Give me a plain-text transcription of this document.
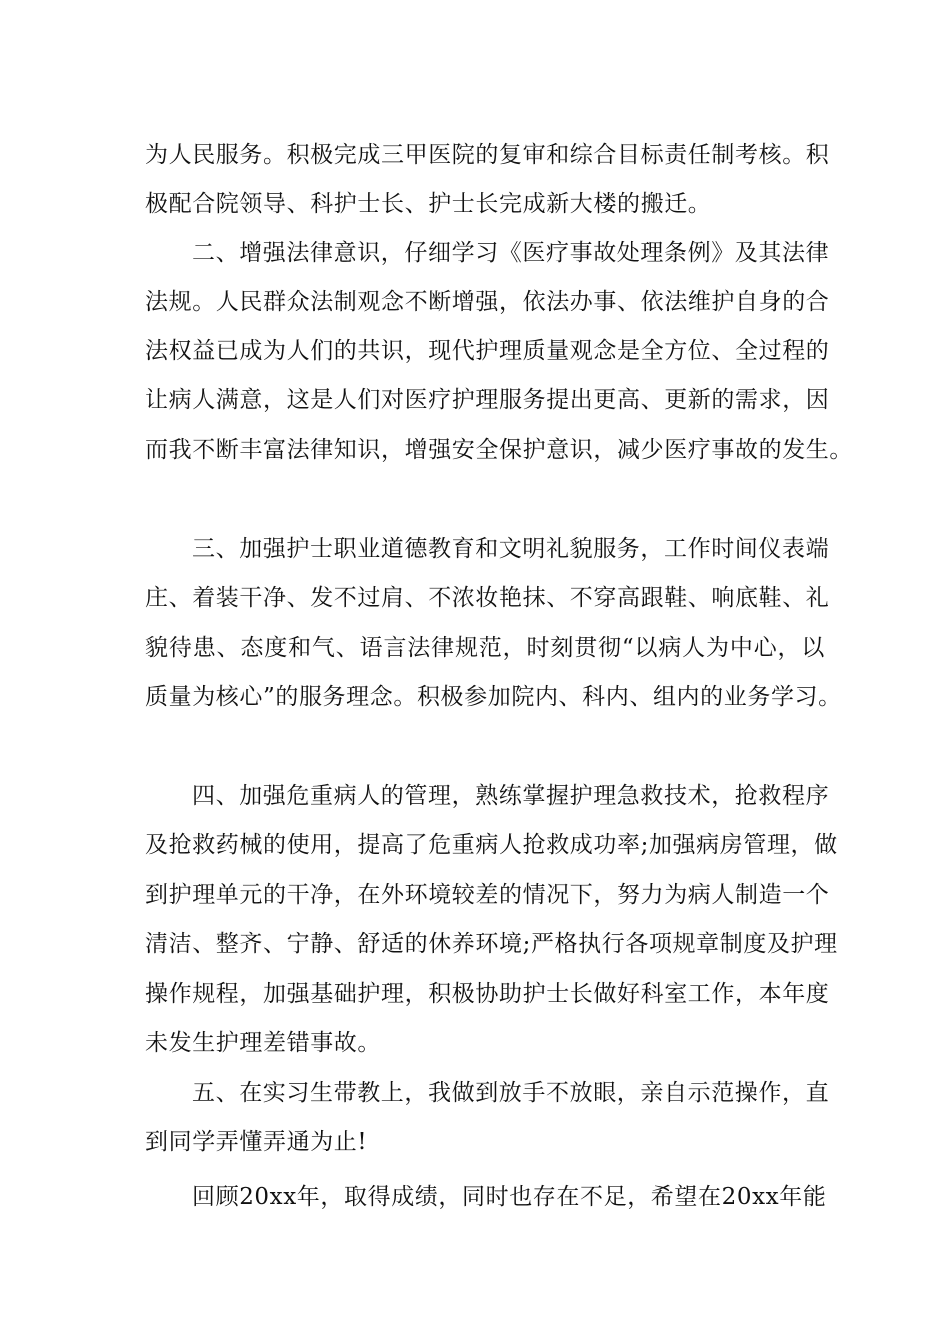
为人民服务。积极完成三甲医院的复审和综合目标责任制考核。积
极配合院领导、科护士长、护士长完成新大楼的搬迁。
二、增强法律意识，仔细学习《医疗事故处理条例》及其法律
法规。人民群众法制观念不断增强，依法办事、依法维护自身的合
法权益已成为人们的共识，现代护理质量观念是全方位、全过程的
让病人满意，这是人们对医疗护理服务提出更高、更新的需求，因
而我不断丰富法律知识，增强安全保护意识，减少医疗事故的发生。
三、加强护士职业道德教育和文明礼貌服务，工作时间仪表端
庄、着装干净、发不过肩、不浓妆艳抹、不穿高跟鞋、响底鞋、礼
貌待患、态度和气、语言法律规范，时刻贯彻“以病人为中心，以
质量为核心”的服务理念。积极参加院内、科内、组内的业务学习。
四、加强危重病人的管理，熟练掌握护理急救技术，抢救程序
及抢救药械的使用，提高了危重病人抢救成功率;加强病房管理，做
到护理单元的干净，在外环境较差的情况下，努力为病人制造一个
清洁、整齐、宁静、舒适的休养环境;严格执行各项规章制度及护理
操作规程，加强基础护理，积极协助护士长做好科室工作，本年度
未发生护理差错事故。
五、在实习生带教上，我做到放手不放眼，亲自示范操作，直
到同学弄懂弄通为止!
回顾20xx年，取得成绩，同时也存在不足，希望在20xx年能
